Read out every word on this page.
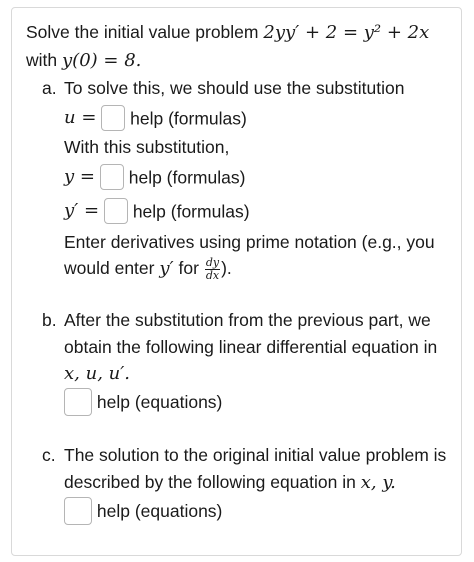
Solve the initial value problem 2yy′ + 2 = y² + 2x
with y(0) = 8.
a. To solve this, we should use the substitution
u = help (formulas)
With this substitution,
y = help (formulas)
y′ = help (formulas)
Enter derivatives using prime notation (e.g., you
would enter y′ for $\frac{dy}{dx}$ ).
b. After the substitution from the previous part, we
obtain the following linear differential equation in
x, u, u′.
help (equations)
c. The solution to the original initial value problem is
described by the following equation in x, y.
help (equations)
